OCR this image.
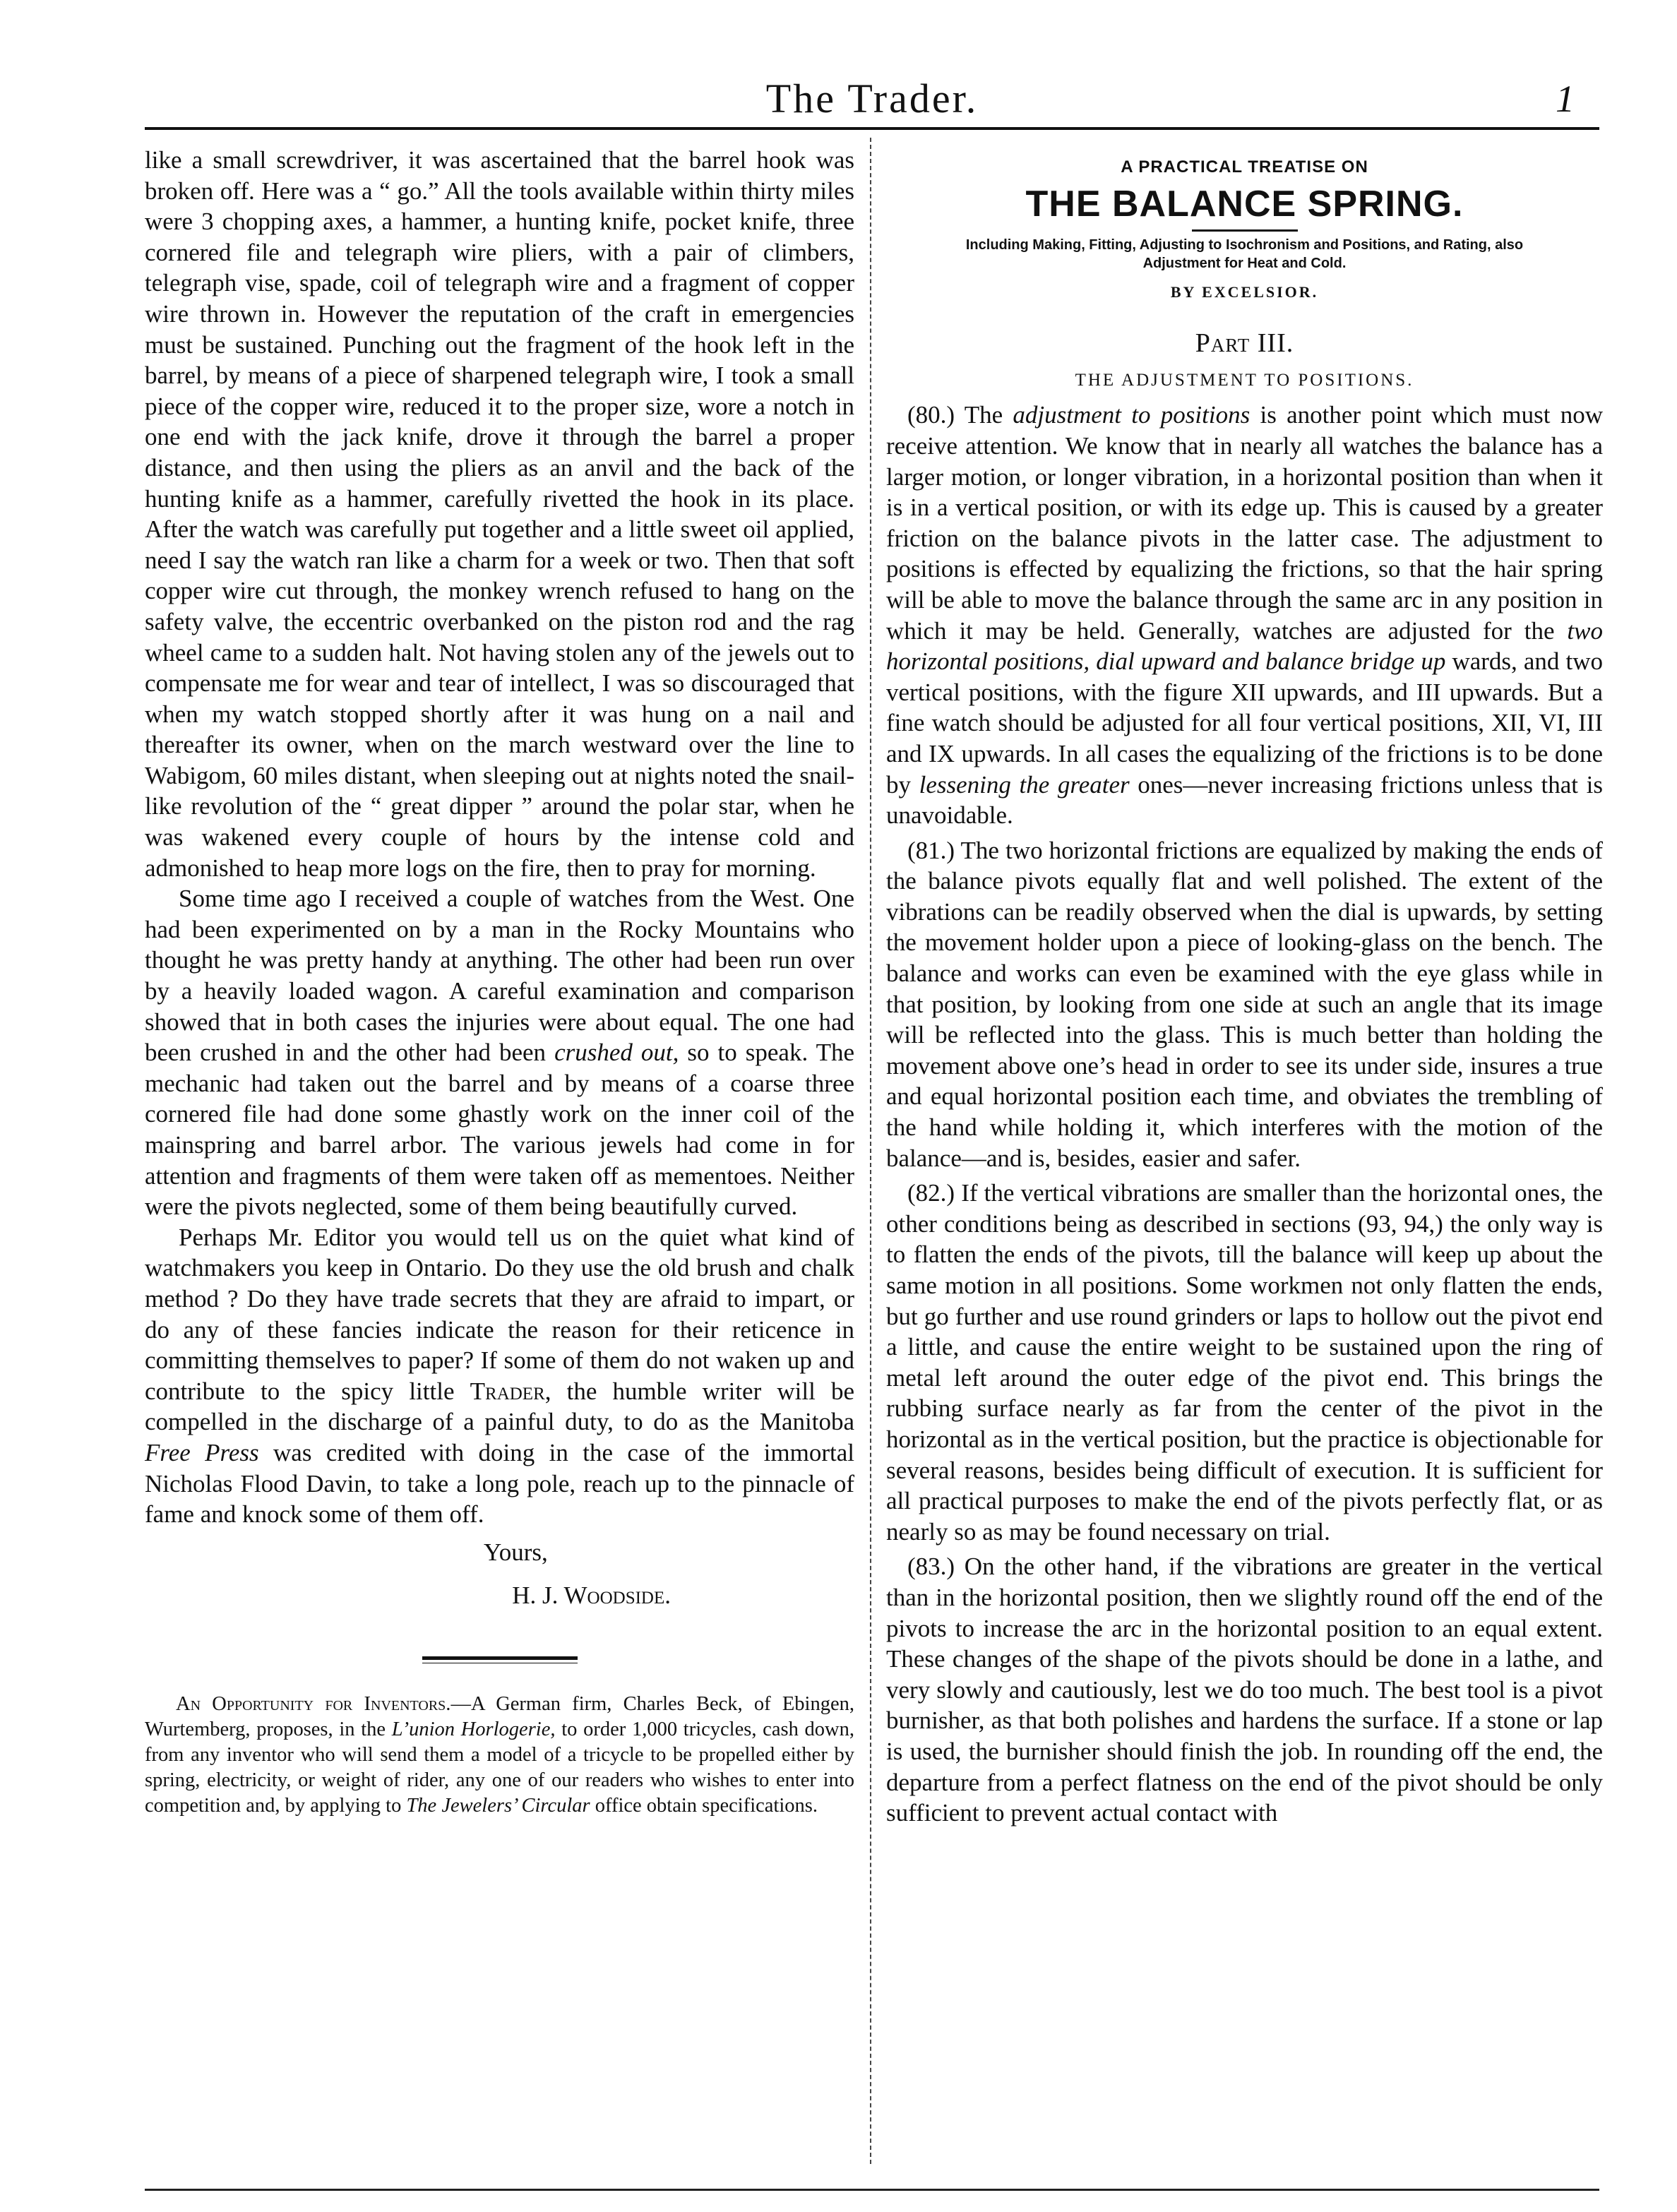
The Trader.	1

like a small screwdriver, it was ascertained that the barrel hook was broken off. Here was a “ go.” All the tools available within thirty miles were 3 chopping axes, a hammer, a hunting knife, pocket knife, three cornered file and telegraph wire pliers, with a pair of climbers, telegraph vise, spade, coil of telegraph wire and a fragment of copper wire thrown in. However the reputation of the craft in emergencies must be sustained. Punching out the fragment of the hook left in the barrel, by means of a piece of sharpened telegraph wire, I took a small piece of the copper wire, reduced it to the proper size, wore a notch in one end with the jack knife, drove it through the barrel a proper distance, and then using the pliers as an anvil and the back of the hunting knife as a hammer, carefully rivetted the hook in its place. After the watch was carefully put together and a little sweet oil applied, need I say the watch ran like a charm for a week or two. Then that soft copper wire cut through, the monkey wrench refused to hang on the safety valve, the eccentric overbanked on the piston rod and the rag wheel came to a sudden halt. Not having stolen any of the jewels out to compensate me for wear and tear of intellect, I was so discouraged that when my watch stopped shortly after it was hung on a nail and thereafter its owner, when on the march westward over the line to Wabigom, 60 miles distant, when sleeping out at nights noted the snail-like revolution of the “ great dipper ” around the polar star, when he was wakened every couple of hours by the intense cold and admonished to heap more logs on the fire, then to pray for morning.

Some time ago I received a couple of watches from the West. One had been experimented on by a man in the Rocky Mountains who thought he was pretty handy at anything. The other had been run over by a heavily loaded wagon. A careful examination and comparison showed that in both cases the injuries were about equal. The one had been crushed in and the other had been crushed out, so to speak. The mechanic had taken out the barrel and by means of a coarse three cornered file had done some ghastly work on the inner coil of the mainspring and barrel arbor. The various jewels had come in for attention and fragments of them were taken off as mementoes. Neither were the pivots neglected, some of them being beautifully curved.

Perhaps Mr. Editor you would tell us on the quiet what kind of watchmakers you keep in Ontario. Do they use the old brush and chalk method ? Do they have trade secrets that they are afraid to impart, or do any of these fancies indicate the reason for their reticence in committing themselves to paper? If some of them do not waken up and contribute to the spicy little Trader, the humble writer will be compelled in the discharge of a painful duty, to do as the Manitoba Free Press was credited with doing in the case of the immortal Nicholas Flood Davin, to take a long pole, reach up to the pinnacle of fame and knock some of them off.

Yours,

H. J. Woodside.

An Opportunity for Inventors.—A German firm, Charles Beck, of Ebingen, Wurtemberg, proposes, in the L’union Horlogerie, to order 1,000 tricycles, cash down, from any inventor who will send them a model of a tricycle to be propelled either by spring, electricity, or weight of rider, any one of our readers who wishes to enter into competition and, by applying to The Jewelers’ Circular office obtain specifications.

A PRACTICAL TREATISE ON
THE BALANCE SPRING.
Including Making, Fitting, Adjusting to Isochronism and Positions, and Rating, also Adjustment for Heat and Cold.
BY EXCELSIOR.
Part III.
THE ADJUSTMENT TO POSITIONS.

(80.) The adjustment to positions is another point which must now receive attention. We know that in nearly all watches the balance has a larger motion, or longer vibration, in a horizontal position than when it is in a vertical position, or with its edge up. This is caused by a greater friction on the balance pivots in the latter case. The adjustment to positions is effected by equalizing the frictions, so that the hair spring will be able to move the balance through the same arc in any position in which it may be held. Generally, watches are adjusted for the two horizontal positions, dial upward and balance bridge up wards, and two vertical positions, with the figure XII upwards, and III upwards. But a fine watch should be adjusted for all four vertical positions, XII, VI, III and IX upwards. In all cases the equalizing of the frictions is to be done by lessening the greater ones—never increasing frictions unless that is unavoidable.

(81.) The two horizontal frictions are equalized by making the ends of the balance pivots equally flat and well polished. The extent of the vibrations can be readily observed when the dial is upwards, by setting the movement holder upon a piece of looking-glass on the bench. The balance and works can even be examined with the eye glass while in that position, by looking from one side at such an angle that its image will be reflected into the glass. This is much better than holding the movement above one’s head in order to see its under side, insures a true and equal horizontal position each time, and obviates the trembling of the hand while holding it, which interferes with the motion of the balance—and is, besides, easier and safer.

(82.) If the vertical vibrations are smaller than the horizontal ones, the other conditions being as described in sections (93, 94,) the only way is to flatten the ends of the pivots, till the balance will keep up about the same motion in all positions. Some workmen not only flatten the ends, but go further and use round grinders or laps to hollow out the pivot end a little, and cause the entire weight to be sustained upon the ring of metal left around the outer edge of the pivot end. This brings the rubbing surface nearly as far from the center of the pivot in the horizontal as in the vertical position, but the practice is objectionable for several reasons, besides being difficult of execution. It is sufficient for all practical purposes to make the end of the pivots perfectly flat, or as nearly so as may be found necessary on trial.

(83.) On the other hand, if the vibrations are greater in the vertical than in the horizontal position, then we slightly round off the end of the pivots to increase the arc in the horizontal position to an equal extent. These changes of the shape of the pivots should be done in a lathe, and very slowly and cautiously, lest we do too much. The best tool is a pivot burnisher, as that both polishes and hardens the surface. If a stone or lap is used, the burnisher should finish the job. In rounding off the end, the departure from a perfect flatness on the end of the pivot should be only sufficient to prevent actual contact with
